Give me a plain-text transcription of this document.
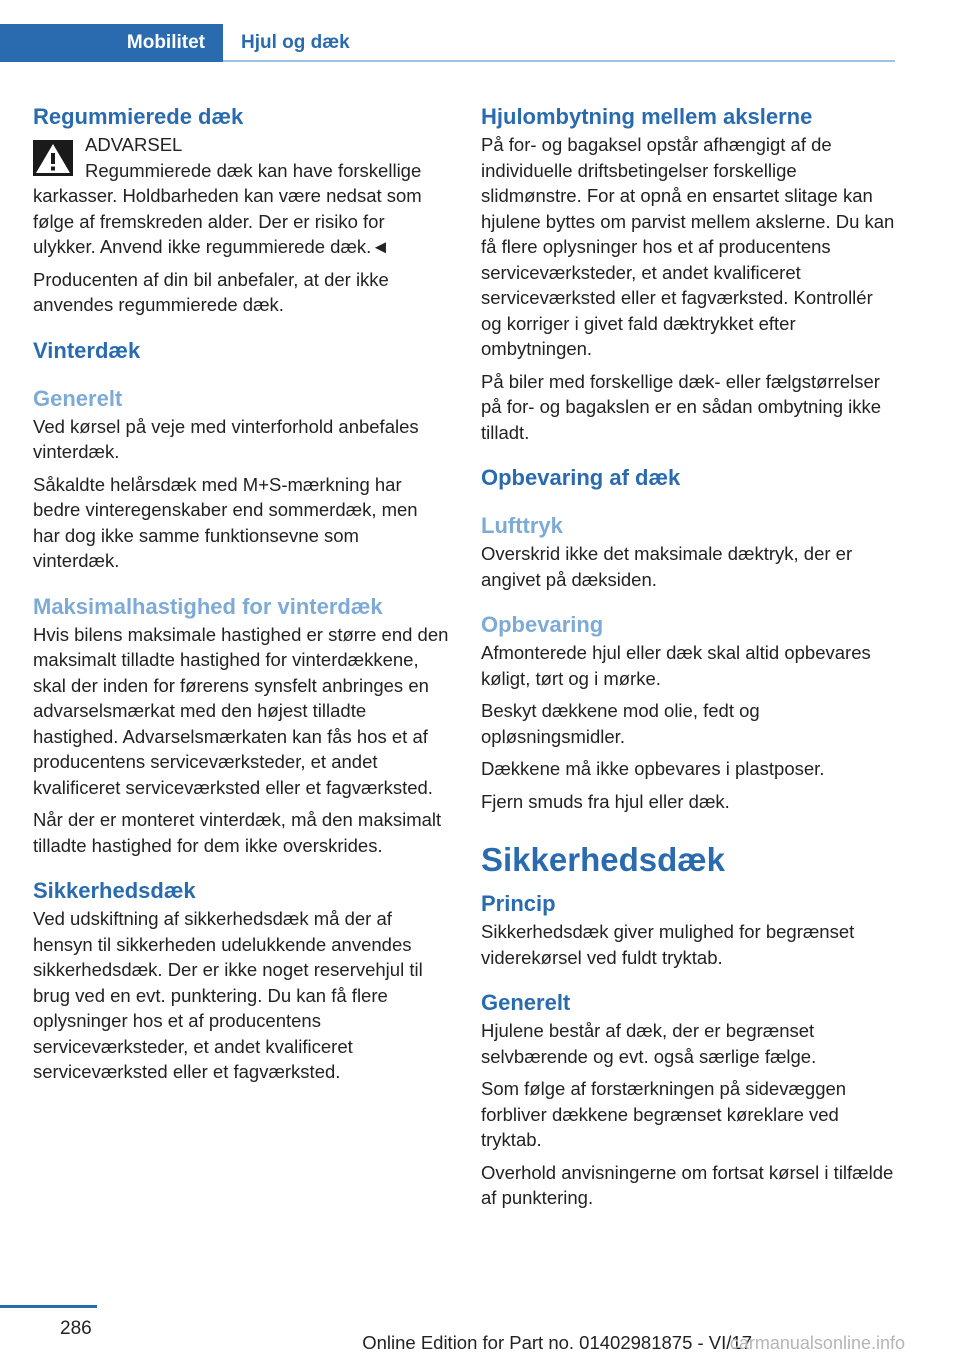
Mobilitet	Hjul og dæk
Regummierede dæk

ADVARSEL

Regummierede dæk kan have forskellige

karkasser. Holdbarheden kan være nedsat som følge af fremskreden alder. Der er risiko for ulykker. Anvend ikke regummierede dæk.◄

Producenten af din bil anbefaler, at der ikke anvendes regummierede dæk.

Vinterdæk
Generelt

Ved kørsel på veje med vinterforhold anbefales vinterdæk.

Såkaldte helårsdæk med M+S-mærkning har bedre vinteregenskaber end sommerdæk, men har dog ikke samme funktionsevne som vinterdæk.

Maksimalhastighed for vinterdæk

Hvis bilens maksimale hastighed er større end den maksimalt tilladte hastighed for vinterdækkene, skal der inden for førerens synsfelt anbringes en advarselsmærkat med den højest tilladte hastighed. Advarselsmærkaten kan fås hos et af producentens serviceværksteder, et andet kvalificeret serviceværksted eller et fagværksted.

Når der er monteret vinterdæk, må den maksimalt tilladte hastighed for dem ikke overskrides.

Sikkerhedsdæk

Ved udskiftning af sikkerhedsdæk må der af hensyn til sikkerheden udelukkende anvendes sikkerhedsdæk. Der er ikke noget reservehjul til brug ved en evt. punktering. Du kan få flere oplysninger hos et af producentens serviceværksteder, et andet kvalificeret serviceværksted eller et fagværksted.

Hjulombytning mellem akslerne

På for- og bagaksel opstår afhængigt af de individuelle driftsbetingelser forskellige slidmønstre. For at opnå en ensartet slitage kan hjulene byttes om parvist mellem akslerne. Du kan få flere oplysninger hos et af producentens serviceværksteder, et andet kvalificeret serviceværksted eller et fagværksted. Kontrollér og korriger i givet fald dæktrykket efter ombytningen.

På biler med forskellige dæk- eller fælgstørrelser på for- og bagakslen er en sådan ombytning ikke tilladt.

Opbevaring af dæk
Lufttryk

Overskrid ikke det maksimale dæktryk, der er angivet på dæksiden.

Opbevaring

Afmonterede hjul eller dæk skal altid opbevares køligt, tørt og i mørke.

Beskyt dækkene mod olie, fedt og opløsningsmidler.

Dækkene må ikke opbevares i plastposer.

Fjern smuds fra hjul eller dæk.

Sikkerhedsdæk
Princip

Sikkerhedsdæk giver mulighed for begrænset viderekørsel ved fuldt tryktab.

Generelt

Hjulene består af dæk, der er begrænset selvbærende og evt. også særlige fælge.

Som følge af forstærkningen på sidevæggen forbliver dækkene begrænset køreklare ved tryktab.

Overhold anvisningerne om fortsat kørsel i tilfælde af punktering.

286
Online Edition for Part no. 01402981875 - VI/17
carmanualsonline.info
